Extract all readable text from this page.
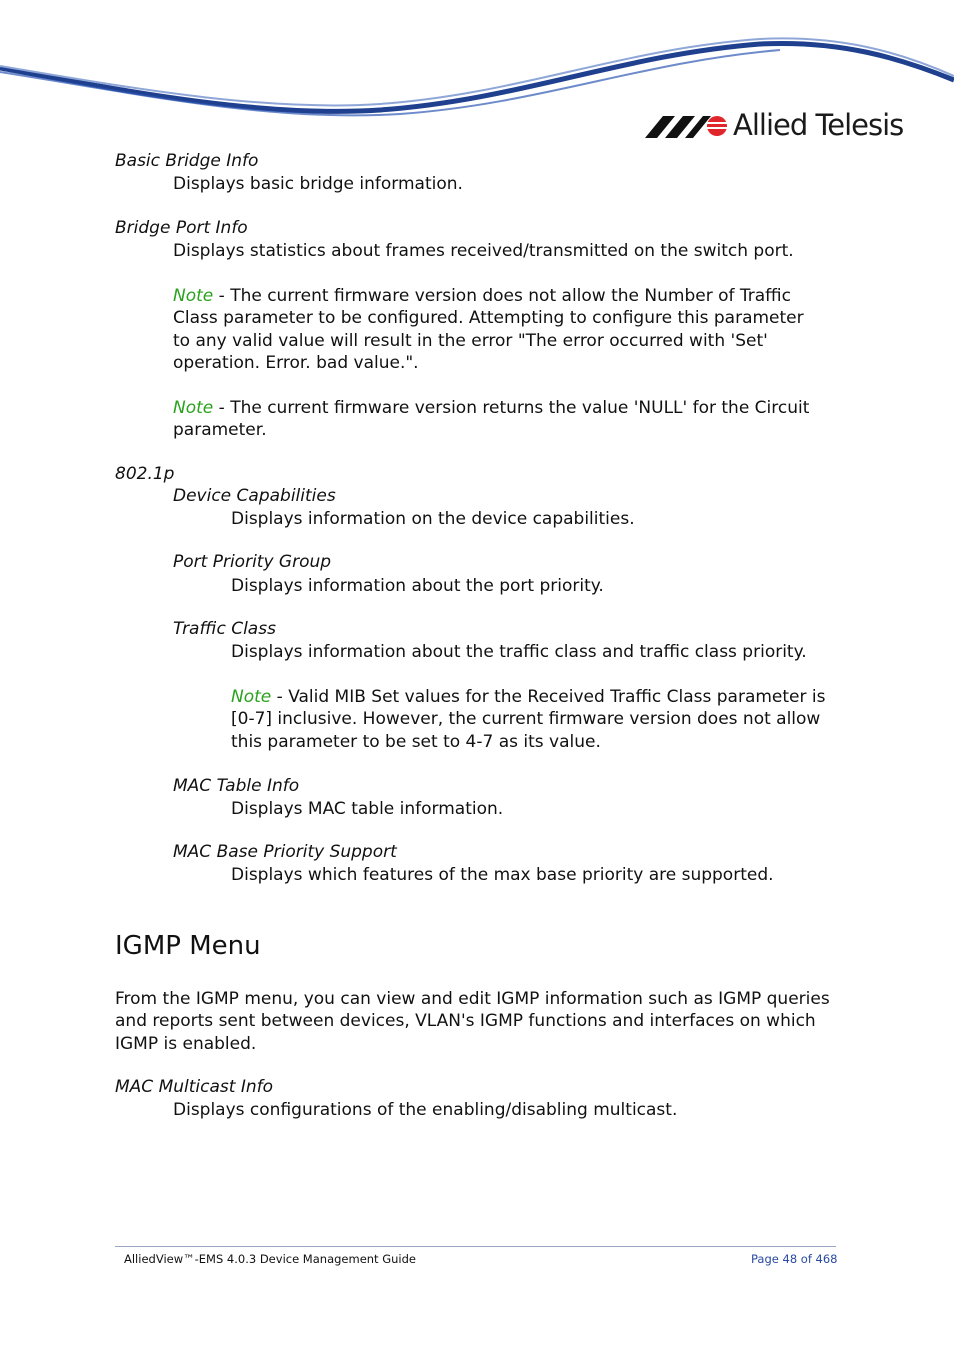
Allied Telesis
Basic Bridge Info
Displays basic bridge information.
Bridge Port Info
Displays statistics about frames received/transmitted on the switch port.
Note - The current firmware version does not allow the Number of Traffic Class parameter to be configured. Attempting to configure this parameter to any valid value will result in the error "The error occurred with 'Set' operation. Error. bad value.".
Note - The current firmware version returns the value 'NULL' for the Circuit parameter.
802.1p
Device Capabilities
Displays information on the device capabilities.
Port Priority Group
Displays information about the port priority.
Traffic Class
Displays information about the traffic class and traffic class priority.
Note - Valid MIB Set values for the Received Traffic Class parameter is [0-7] inclusive. However, the current firmware version does not allow this parameter to be set to 4-7 as its value.
MAC Table Info
Displays MAC table information.
MAC Base Priority Support
Displays which features of the max base priority are supported.
IGMP Menu
From the IGMP menu, you can view and edit IGMP information such as IGMP queries and reports sent between devices, VLAN's IGMP functions and interfaces on which IGMP is enabled.
MAC Multicast Info
Displays configurations of the enabling/disabling multicast.
AlliedView™-EMS 4.0.3 Device Management Guide	Page 48 of 468
